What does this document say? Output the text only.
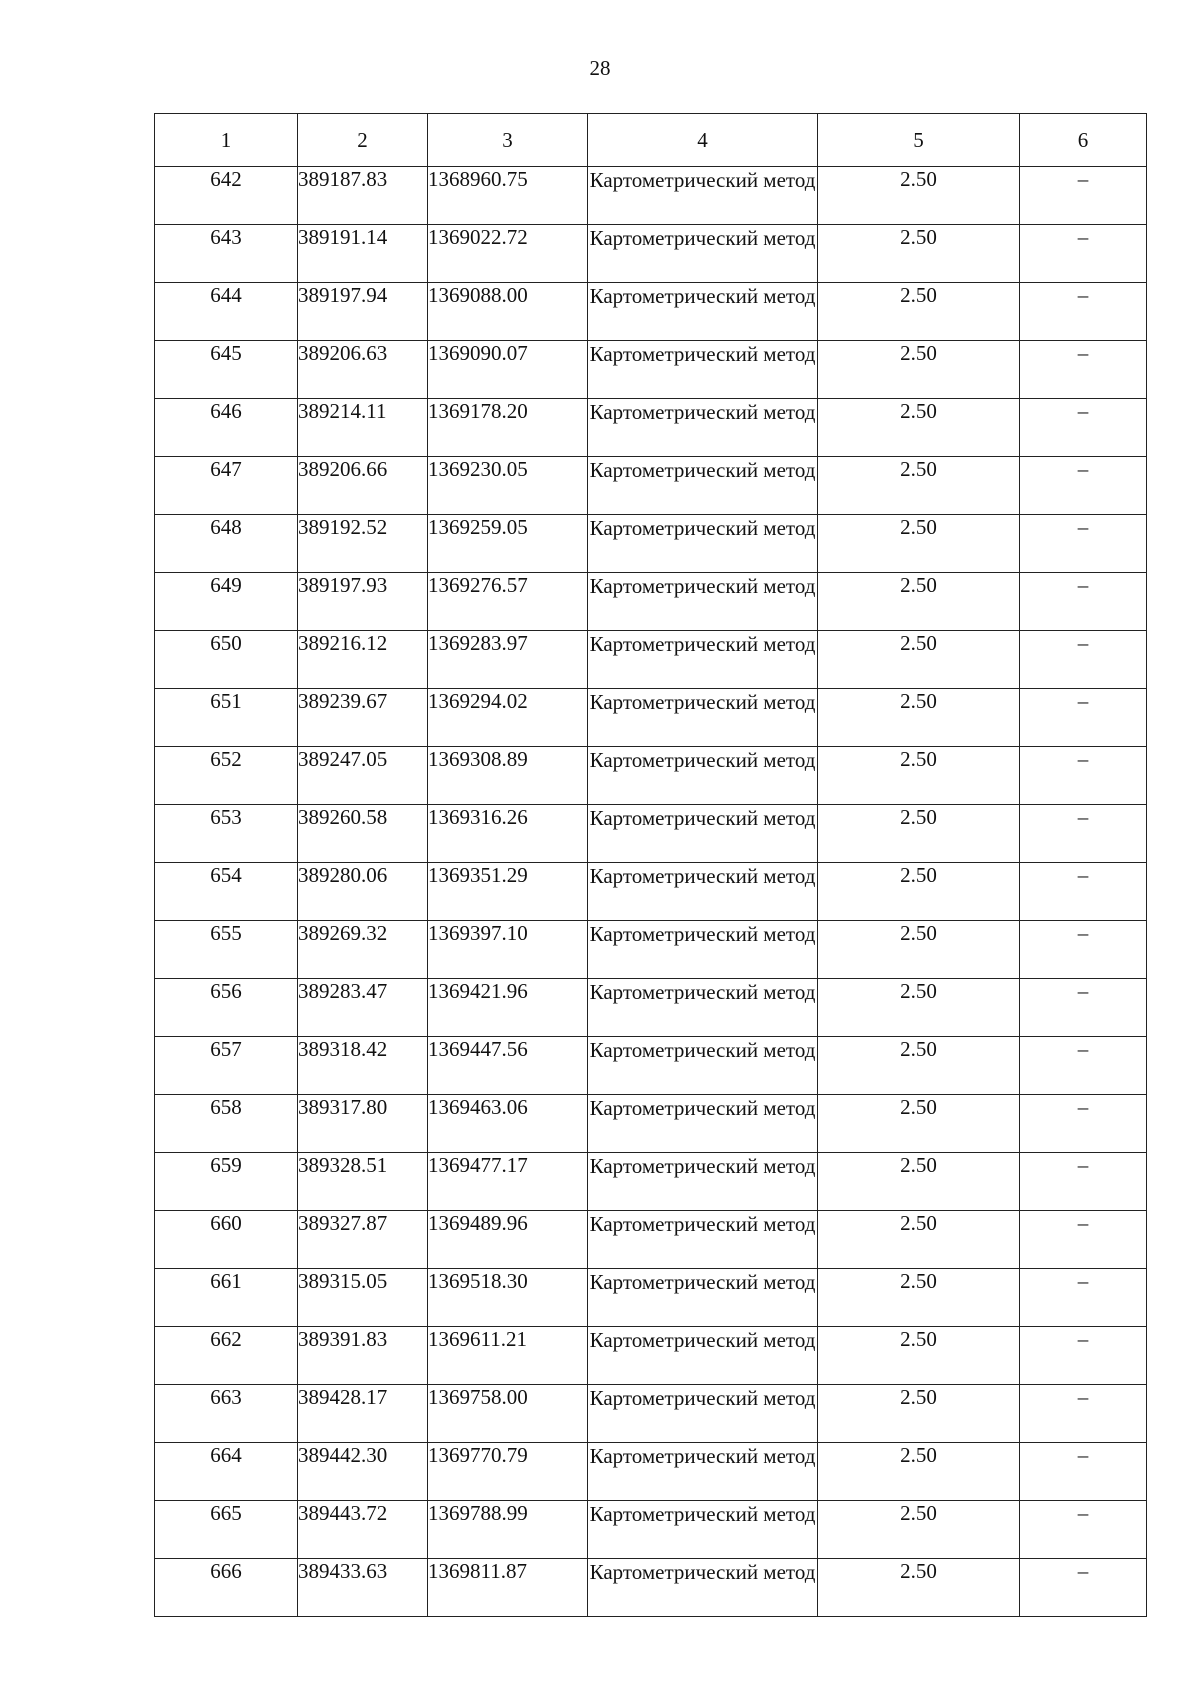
28
1	2	3	4	5	6
642	389187.83	1368960.75	Картометрический метод	2.50	–
643	389191.14	1369022.72	Картометрический метод	2.50	–
644	389197.94	1369088.00	Картометрический метод	2.50	–
645	389206.63	1369090.07	Картометрический метод	2.50	–
646	389214.11	1369178.20	Картометрический метод	2.50	–
647	389206.66	1369230.05	Картометрический метод	2.50	–
648	389192.52	1369259.05	Картометрический метод	2.50	–
649	389197.93	1369276.57	Картометрический метод	2.50	–
650	389216.12	1369283.97	Картометрический метод	2.50	–
651	389239.67	1369294.02	Картометрический метод	2.50	–
652	389247.05	1369308.89	Картометрический метод	2.50	–
653	389260.58	1369316.26	Картометрический метод	2.50	–
654	389280.06	1369351.29	Картометрический метод	2.50	–
655	389269.32	1369397.10	Картометрический метод	2.50	–
656	389283.47	1369421.96	Картометрический метод	2.50	–
657	389318.42	1369447.56	Картометрический метод	2.50	–
658	389317.80	1369463.06	Картометрический метод	2.50	–
659	389328.51	1369477.17	Картометрический метод	2.50	–
660	389327.87	1369489.96	Картометрический метод	2.50	–
661	389315.05	1369518.30	Картометрический метод	2.50	–
662	389391.83	1369611.21	Картометрический метод	2.50	–
663	389428.17	1369758.00	Картометрический метод	2.50	–
664	389442.30	1369770.79	Картометрический метод	2.50	–
665	389443.72	1369788.99	Картометрический метод	2.50	–
666	389433.63	1369811.87	Картометрический метод	2.50	–
